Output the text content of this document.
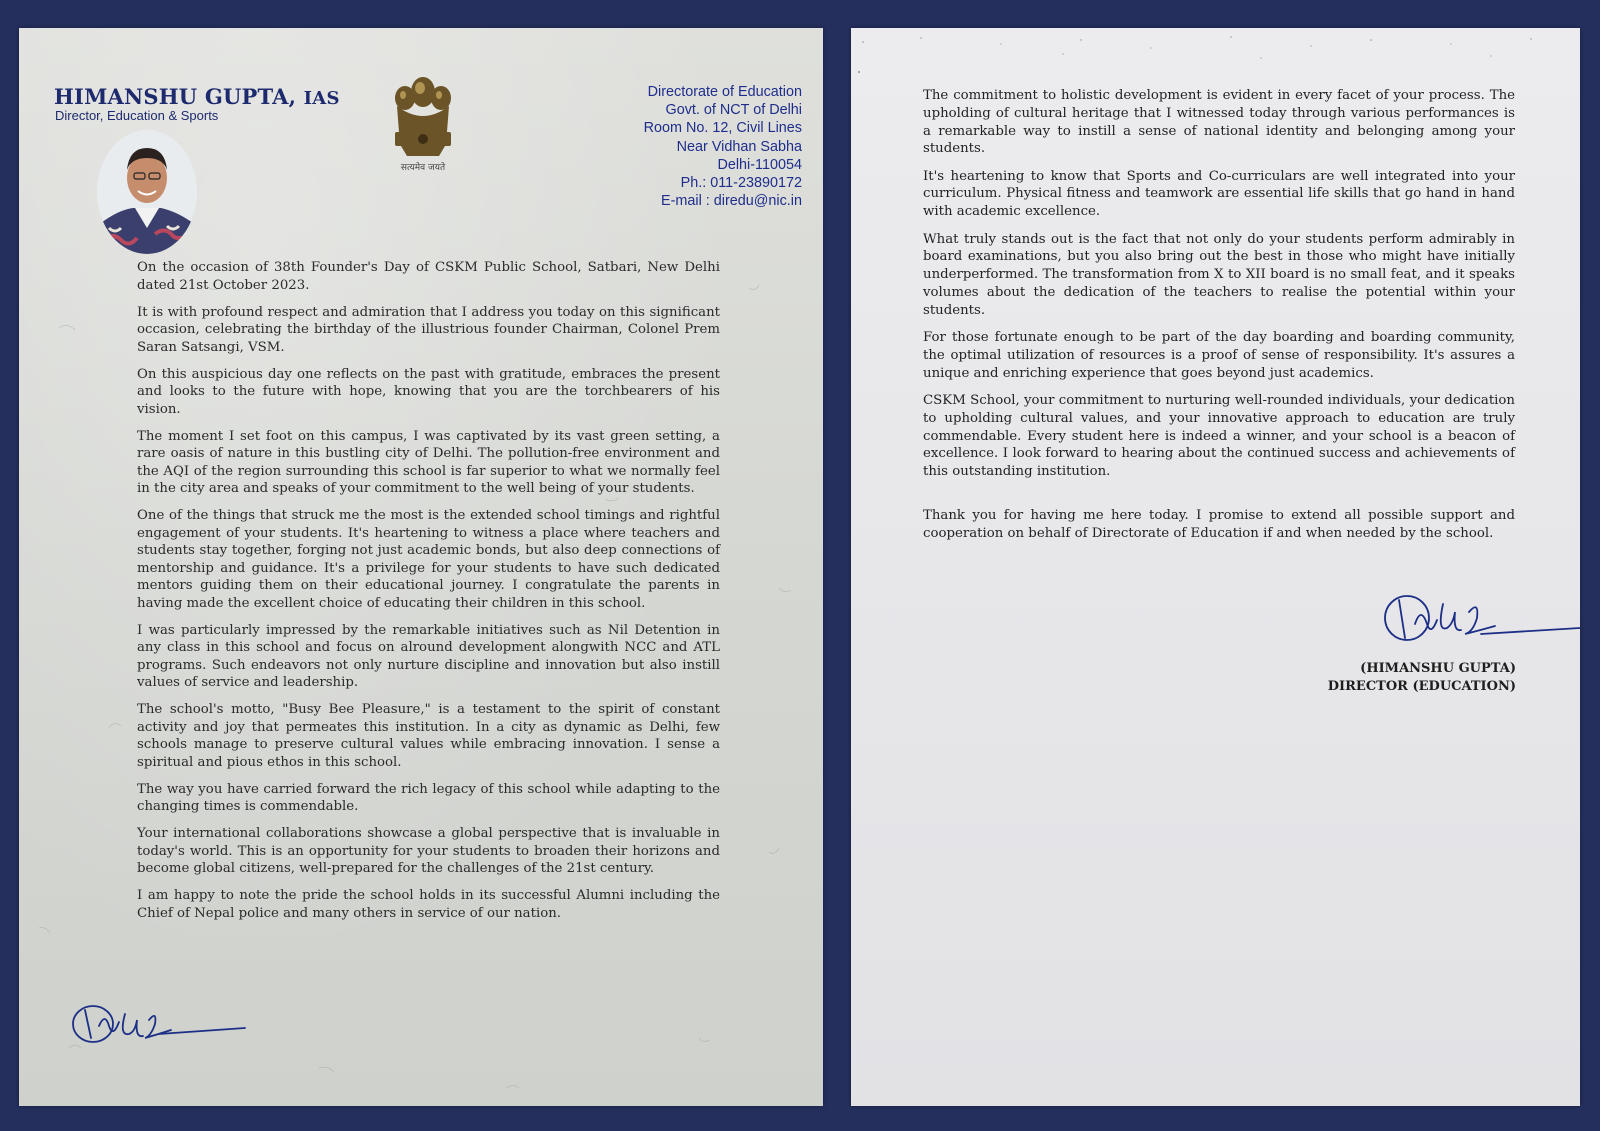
HIMANSHU GUPTA, IAS
Director, Education & Sports
सत्यमेव जयते
Directorate of Education
Govt. of NCT of Delhi
Room No. 12, Civil Lines
Near Vidhan Sabha
Delhi-110054
Ph.: 011-23890172
E-mail : diredu@nic.in

On the occasion of 38th Founder's Day of CSKM Public School, Satbari, New Delhi dated 21st October 2023.

It is with profound respect and admiration that I address you today on this significant occasion, celebrating the birthday of the illustrious founder Chairman, Colonel Prem Saran Satsangi, VSM.

On this auspicious day one reflects on the past with gratitude, embraces the present and looks to the future with hope, knowing that you are the torchbearers of his vision.

The moment I set foot on this campus, I was captivated by its vast green setting, a rare oasis of nature in this bustling city of Delhi. The pollution-free environment and the AQI of the region surrounding this school is far superior to what we normally feel in the city area and speaks of your commitment to the well being of your students.

One of the things that struck me the most is the extended school timings and rightful engagement of your students. It's heartening to witness a place where teachers and students stay together, forging not just academic bonds, but also deep connections of mentorship and guidance. It's a privilege for your students to have such dedicated mentors guiding them on their educational journey. I congratulate the parents in having made the excellent choice of educating their children in this school.

I was particularly impressed by the remarkable initiatives such as Nil Detention in any class in this school and focus on alround development alongwith NCC and ATL programs. Such endeavors not only nurture discipline and innovation but also instill values of service and leadership.

The school's motto, "Busy Bee Pleasure," is a testament to the spirit of constant activity and joy that permeates this institution. In a city as dynamic as Delhi, few schools manage to preserve cultural values while embracing innovation. I sense a spiritual and pious ethos in this school.

The way you have carried forward the rich legacy of this school while adapting to the changing times is commendable.

Your international collaborations showcase a global perspective that is invaluable in today's world. This is an opportunity for your students to broaden their horizons and become global citizens, well-prepared for the challenges of the 21st century.

I am happy to note the pride the school holds in its successful Alumni including the Chief of Nepal police and many others in service of our nation.

The commitment to holistic development is evident in every facet of your process. The upholding of cultural heritage that I witnessed today through various performances is a remarkable way to instill a sense of national identity and belonging among your students.

It's heartening to know that Sports and Co-curriculars are well integrated into your curriculum. Physical fitness and teamwork are essential life skills that go hand in hand with academic excellence.

What truly stands out is the fact that not only do your students perform admirably in board examinations, but you also bring out the best in those who might have initially underperformed. The transformation from X to XII board is no small feat, and it speaks volumes about the dedication of the teachers to realise the potential within your students.

For those fortunate enough to be part of the day boarding and boarding community, the optimal utilization of resources is a proof of sense of responsibility. It's assures a unique and enriching experience that goes beyond just academics.

CSKM School, your commitment to nurturing well-rounded individuals, your dedication to upholding cultural values, and your innovative approach to education are truly commendable. Every student here is indeed a winner, and your school is a beacon of excellence. I look forward to hearing about the continued success and achievements of this outstanding institution.

Thank you for having me here today. I promise to extend all possible support and cooperation on behalf of Directorate of Education if and when needed by the school.

(HIMANSHU GUPTA)
DIRECTOR (EDUCATION)
